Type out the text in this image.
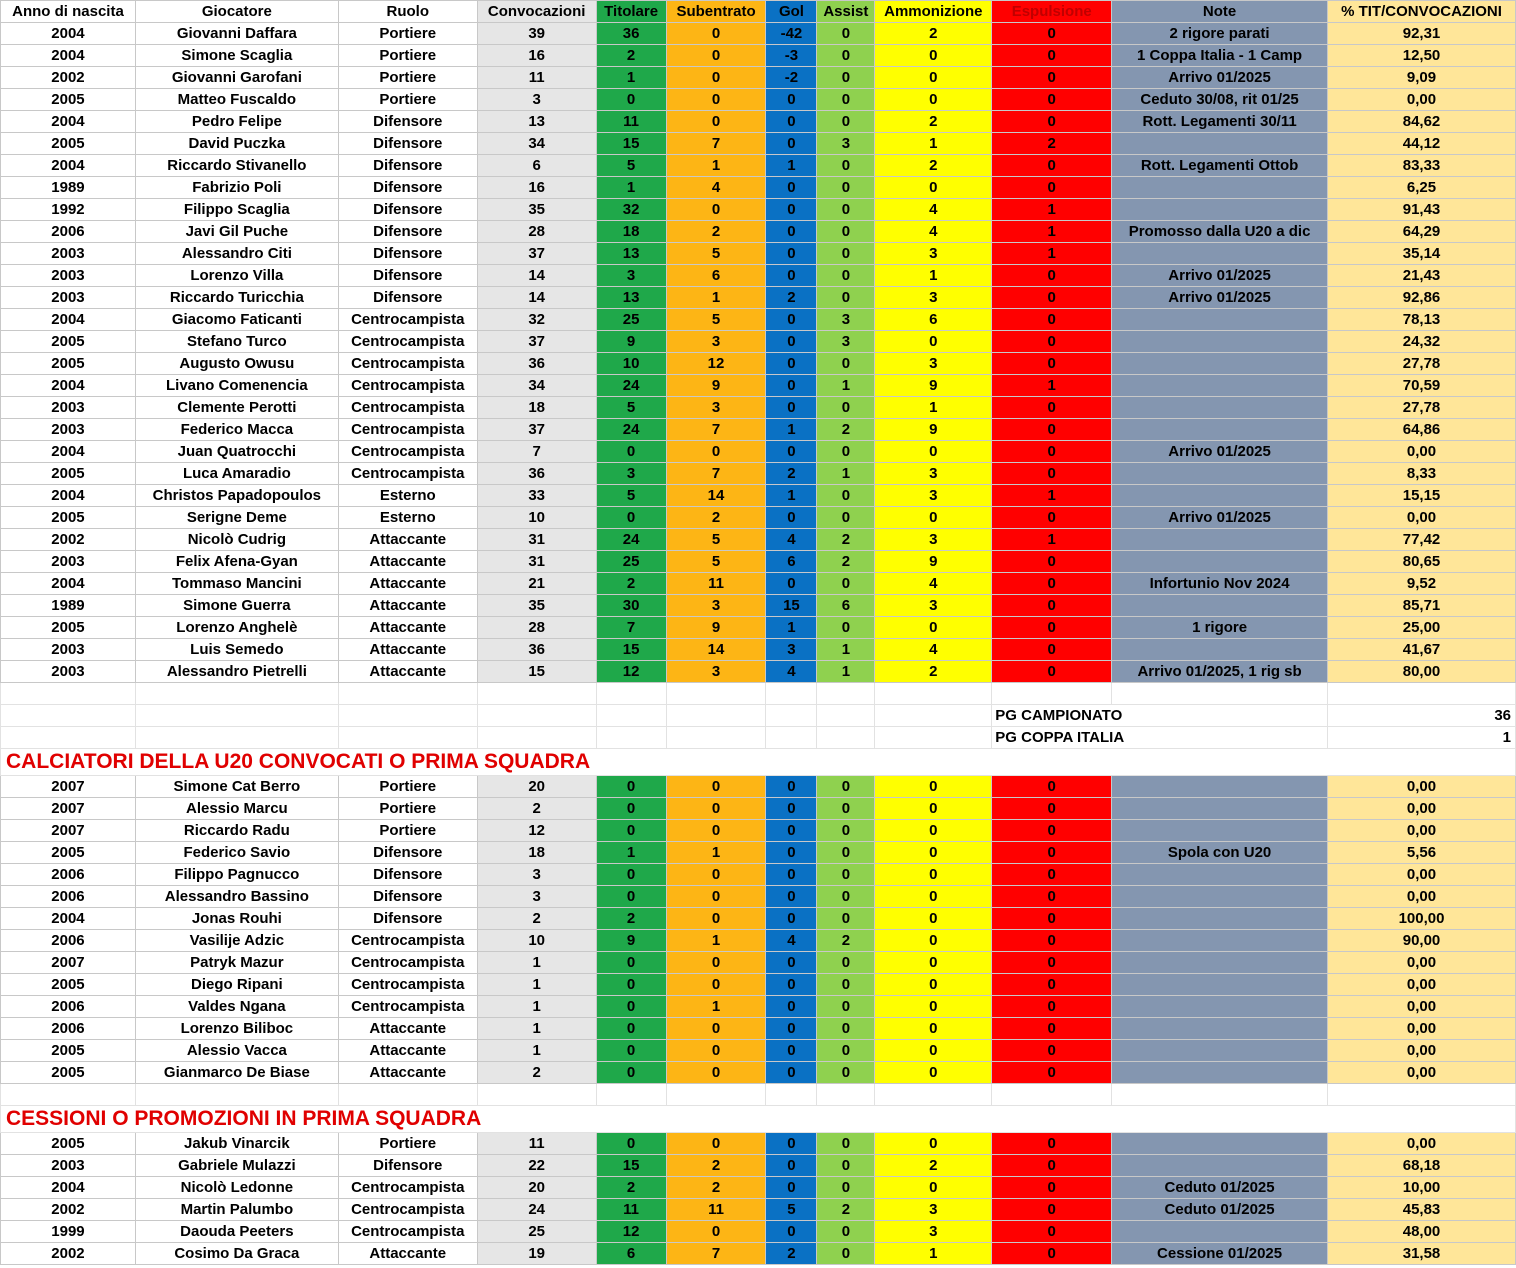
Anno di nascita	Giocatore	Ruolo	Convocazioni	Titolare	Subentrato	Gol	Assist	Ammonizione	Espulsione	Note	% TIT/CONVOCAZIONI
2004	Giovanni Daffara	Portiere	39	36	0	-42	0	2	0	2 rigore parati	92,31
2004	Simone Scaglia	Portiere	16	2	0	-3	0	0	0	1 Coppa Italia - 1 Camp	12,50
2002	Giovanni Garofani	Portiere	11	1	0	-2	0	0	0	Arrivo 01/2025	9,09
2005	Matteo Fuscaldo	Portiere	3	0	0	0	0	0	0	Ceduto 30/08, rit 01/25	0,00
2004	Pedro Felipe	Difensore	13	11	0	0	0	2	0	Rott. Legamenti 30/11	84,62
2005	David Puczka	Difensore	34	15	7	0	3	1	2		44,12
2004	Riccardo Stivanello	Difensore	6	5	1	1	0	2	0	Rott. Legamenti Ottob	83,33
1989	Fabrizio Poli	Difensore	16	1	4	0	0	0	0		6,25
1992	Filippo Scaglia	Difensore	35	32	0	0	0	4	1		91,43
2006	Javi Gil Puche	Difensore	28	18	2	0	0	4	1	Promosso dalla U20 a dic	64,29
2003	Alessandro Citi	Difensore	37	13	5	0	0	3	1		35,14
2003	Lorenzo Villa	Difensore	14	3	6	0	0	1	0	Arrivo 01/2025	21,43
2003	Riccardo Turicchia	Difensore	14	13	1	2	0	3	0	Arrivo 01/2025	92,86
2004	Giacomo Faticanti	Centrocampista	32	25	5	0	3	6	0		78,13
2005	Stefano Turco	Centrocampista	37	9	3	0	3	0	0		24,32
2005	Augusto Owusu	Centrocampista	36	10	12	0	0	3	0		27,78
2004	Livano Comenencia	Centrocampista	34	24	9	0	1	9	1		70,59
2003	Clemente Perotti	Centrocampista	18	5	3	0	0	1	0		27,78
2003	Federico Macca	Centrocampista	37	24	7	1	2	9	0		64,86
2004	Juan Quatrocchi	Centrocampista	7	0	0	0	0	0	0	Arrivo 01/2025	0,00
2005	Luca Amaradio	Centrocampista	36	3	7	2	1	3	0		8,33
2004	Christos Papadopoulos	Esterno	33	5	14	1	0	3	1		15,15
2005	Serigne Deme	Esterno	10	0	2	0	0	0	0	Arrivo 01/2025	0,00
2002	Nicolò Cudrig	Attaccante	31	24	5	4	2	3	1		77,42
2003	Felix Afena-Gyan	Attaccante	31	25	5	6	2	9	0		80,65
2004	Tommaso Mancini	Attaccante	21	2	11	0	0	4	0	Infortunio Nov 2024	9,52
1989	Simone Guerra	Attaccante	35	30	3	15	6	3	0		85,71
2005	Lorenzo Anghelè	Attaccante	28	7	9	1	0	0	0	1 rigore	25,00
2003	Luis Semedo	Attaccante	36	15	14	3	1	4	0		41,67
2003	Alessandro Pietrelli	Attaccante	15	12	3	4	1	2	0	Arrivo 01/2025, 1 rig sb	80,00

									PG CAMPIONATO		36
									PG COPPA ITALIA		1
CALCIATORI DELLA U20 CONVOCATI O PRIMA SQUADRA											
2007	Simone Cat Berro	Portiere	20	0	0	0	0	0	0		0,00
2007	Alessio Marcu	Portiere	2	0	0	0	0	0	0		0,00
2007	Riccardo Radu	Portiere	12	0	0	0	0	0	0		0,00
2005	Federico Savio	Difensore	18	1	1	0	0	0	0	Spola con U20	5,56
2006	Filippo Pagnucco	Difensore	3	0	0	0	0	0	0		0,00
2006	Alessandro Bassino	Difensore	3	0	0	0	0	0	0		0,00
2004	Jonas Rouhi	Difensore	2	2	0	0	0	0	0		100,00
2006	Vasilije Adzic	Centrocampista	10	9	1	4	2	0	0		90,00
2007	Patryk Mazur	Centrocampista	1	0	0	0	0	0	0		0,00
2005	Diego Ripani	Centrocampista	1	0	0	0	0	0	0		0,00
2006	Valdes Ngana	Centrocampista	1	0	1	0	0	0	0		0,00
2006	Lorenzo Biliboc	Attaccante	1	0	0	0	0	0	0		0,00
2005	Alessio Vacca	Attaccante	1	0	0	0	0	0	0		0,00
2005	Gianmarco De Biase	Attaccante	2	0	0	0	0	0	0		0,00

CESSIONI O PROMOZIONI IN PRIMA SQUADRA											
2005	Jakub Vinarcik	Portiere	11	0	0	0	0	0	0		0,00
2003	Gabriele Mulazzi	Difensore	22	15	2	0	0	2	0		68,18
2004	Nicolò Ledonne	Centrocampista	20	2	2	0	0	0	0	Ceduto 01/2025	10,00
2002	Martin Palumbo	Centrocampista	24	11	11	5	2	3	0	Ceduto 01/2025	45,83
1999	Daouda Peeters	Centrocampista	25	12	0	0	0	3	0		48,00
2002	Cosimo Da Graca	Attaccante	19	6	7	2	0	1	0	Cessione 01/2025	31,58
